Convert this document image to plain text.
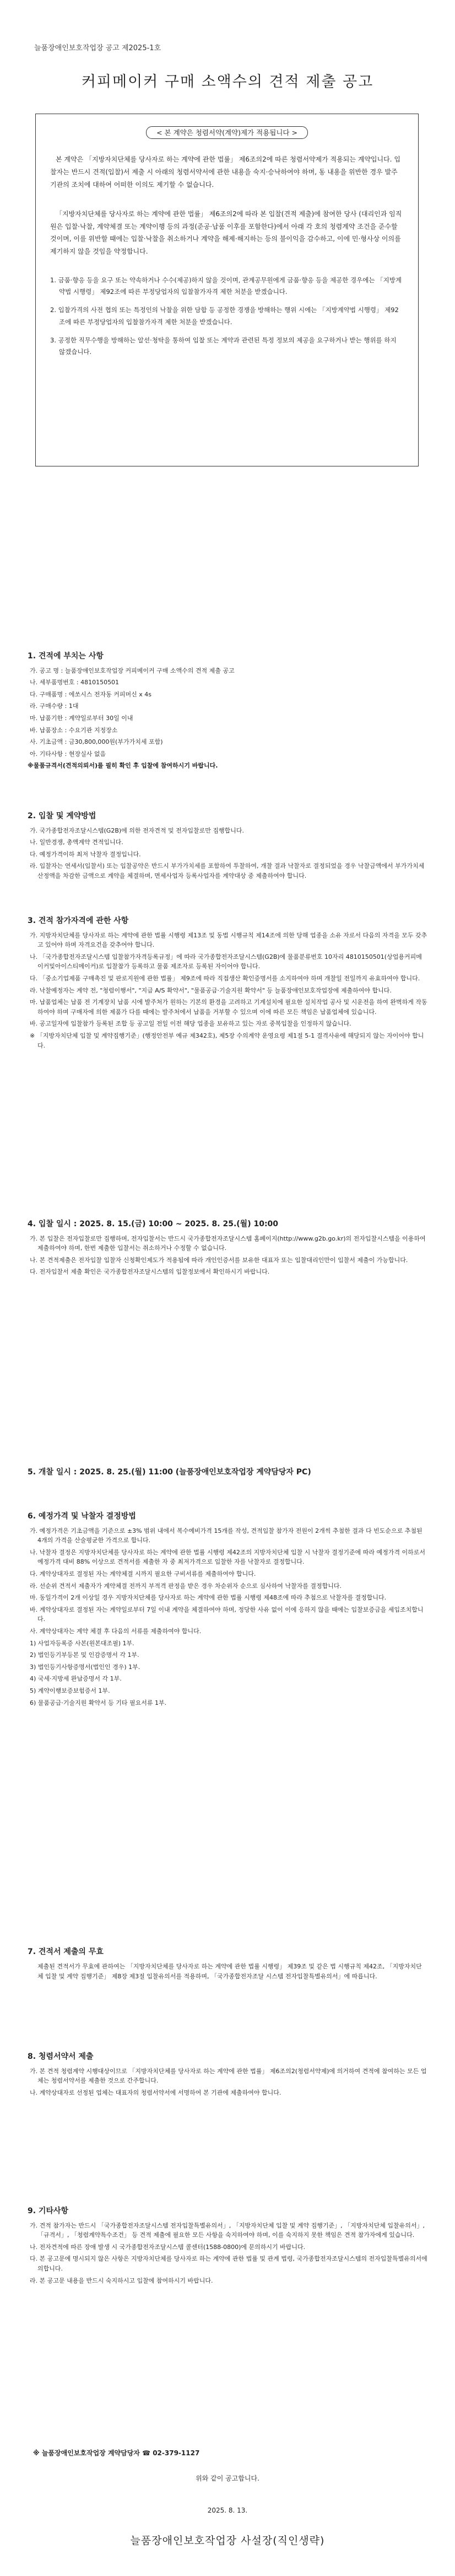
늘품장애인보호작업장 공고 제2025-1호
커피메이커 구매 소액수의 견적 제출 공고
< 본 계약은 청렴서약(계약)제가 적용됩니다 >

본 계약은 「지방자치단체를 당사자로 하는 계약에 관한 법률」 제6조의2에 따른 청렴서약제가 적용되는 계약입니다. 입찰자는 반드시 견적(입찰)서 제출 시 아래의 청렴서약서에 관한 내용을 숙지·승낙하여야 하며, 동 내용을 위반한 경우 발주기관의 조치에 대하여 어떠한 이의도 제기할 수 없습니다.

「지방자치단체를 당사자로 하는 계약에 관한 법률」 제6조의2에 따라 본 입찰(견적 제출)에 참여한 당사 (대리인과 임직원은 입찰·낙찰, 계약체결 또는 계약이행 등의 과정(준공·납품 이후를 포함한다)에서 아래 각 호의 청렴계약 조건을 준수할 것이며, 이를 위반할 때에는 입찰·낙찰을 취소하거나 계약을 해제·해지하는 등의 불이익을 감수하고, 이에 민·형사상 이의를 제기하지 않을 것임을 약정합니다.

1. 금품·향응 등을 요구 또는 약속하거나 수수(제공)하지 않을 것이며, 관계공무원에게 금품·향응 등을 제공한 경우에는 「지방계약법 시행령」 제92조에 따른 부정당업자의 입찰참가자격 제한 처분을 받겠습니다.
2. 입찰가격의 사전 협의 또는 특정인의 낙찰을 위한 담합 등 공정한 경쟁을 방해하는 행위 시에는 「지방계약법 시행령」 제92조에 따른 부정당업자의 입찰참가자격 제한 처분을 받겠습니다.
3. 공정한 직무수행을 방해하는 알선·청탁을 통하여 입찰 또는 계약과 관련된 특정 정보의 제공을 요구하거나 받는 행위를 하지 않겠습니다.
1. 견적에 부치는 사항
가. 공고 명 : 늘품장애인보호작업장 커피메이커 구매 소액수의 견적 제출 공고
나. 세부품명번호 : 4810150501
다. 구매품명 : 에쏘시스 전자동 커피머신 x 4s
라. 구매수량 : 1대
마. 납품기한 : 계약일로부터 30일 이내
바. 납품장소 : 수요기관 지정장소
사. 기초금액 : 금30,800,000원(부가가치세 포함)
아. 기타사항 : 현장실사 없음
※물품규격서(견적의뢰서)를 필히 확인 후 입찰에 참여하시기 바랍니다.
2. 입찰 및 계약방법
가. 국가종합전자조달시스템(G2B)에 의한 전자견적 및 전자입찰로만 집행합니다.
나. 일반경쟁, 총액계약 견적입니다.
다. 예정가격이하 최저 낙찰자 결정입니다.
라. 입찰자는 연세서(입찰서) 또는 입찰공약은 반드시 부가가치세를 포함하여 투찰하여, 개찰 결과 낙찰자로 결정되었을 경우 낙찰금액에서 부가가치세 산정액을 차감한 금액으로 계약을 체결하며, 면세사업자 등록사업자를 계약대상 중 제출하여야 합니다.
3. 견적 참가자격에 관한 사항
가. 지방자치단체를 당사자로 하는 계약에 관한 법률 시행령 제13조 및 동법 시행규칙 제14조에 의한 당해 업종을 소유 자로서 다음의 자격을 모두 갖추고 있어야 하며 자격요건을 갖추어야 합니다.
나. 「국가종합전자조달시스템 입찰참가자격등록규정」에 따라 국가종합전자조달시스템(G2B)에 물품분류번호 10자리 4810150501(상업용커피메이커및아이스티메이커)로 입찰참가 등록하고 물품 제조자로 등록된 자이어야 합니다.
다. 「중소기업제품 구매촉진 및 판로지원에 관한 법률」 제9조에 따라 직접생산 확인증명서를 소지하여야 하며 개찰일 전일까지 유효하여야 합니다.
라. 낙찰예정자는 계약 전, "청렴이행서", "지급 A/S 확약서", "물품공급·기술지원 확약서" 등 늘품장애인보호작업장에 제출하여야 합니다.
마. 납품업체는 납품 전 기계장치 납품 시에 발주처가 원하는 기본의 환경을 고려하고 기계설치에 필요한 설치작업 공사 및 시운전을 하여 완벽하게 작동하여야 하며 구매자에 의한 제품가 다를 때에는 발주처에서 납품을 거부할 수 있으며 이에 따른 모든 책임은 납품업체에 있습니다.
바. 공고일자에 입찰참가 등록된 조합 등 공고일 전일 이전 해당 업종을 보유하고 있는 자로 중복입찰을 인정하지 않습니다.
※ 「지방자치단체 입찰 및 계약집행기준」(행정안전부 예규 제342호), 제5장 수의계약 운영요령 제1절 5-1 결격사유에 해당되지 않는 자이어야 합니다.
4. 입찰 일시 : 2025. 8. 15.(금) 10:00 ~ 2025. 8. 25.(월) 10:00
가. 본 입찰은 전자입찰로만 집행하며, 전자입찰서는 반드시 국가종합전자조달시스템 홈페이지(http://www.g2b.go.kr)의 전자입찰시스템을 이용하여 제출하여야 하며, 한번 제출한 입찰서는 취소하거나 수정할 수 없습니다.
나. 본 견적제출은 전자입찰 입찰자 신청확인제도가 적용됨에 따라 개인인증서를 보유한 대표자 또는 입찰대리인만이 입찰서 제출이 가능합니다.
다. 전자입찰서 제출 확인은 국가종합전자조달시스템의 입찰정보에서 확인하시기 바랍니다.
5. 개찰 일시 : 2025. 8. 25.(월) 11:00 (늘품장애인보호작업장 계약담당자 PC)
6. 예정가격 및 낙찰자 결정방법
가. 예정가격은 기초금액을 기준으로 ±3% 범위 내에서 복수예비가격 15개를 작성, 견적입찰 참가자 전원이 2개씩 추첨한 결과 다 빈도순으로 추첨된 4개의 가격을 산술평균한 가격으로 합니다.
나. 낙찰자 결정은 지방자치단체를 당사자로 하는 계약에 관한 법률 시행령 제42조의 지방자치단체 입찰 시 낙찰자 결정기준에 따라 예정가격 이하로서 예정가격 대비 88% 이상으로 견적서를 제출한 자 중 최저가격으로 입찰한 자를 낙찰자로 결정합니다.
다. 계약상대자로 결정된 자는 계약체결 시까지 필요한 구비서류를 제출하여야 합니다.
라. 선순위 견적서 제출자가 계약체결 전까지 부적격 판정을 받은 경우 차순위자 순으로 심사하여 낙찰자를 결정합니다.
마. 동일가격이 2개 이상일 경우 지방자치단체를 당사자로 하는 계약에 관한 법률 시행령 제48조에 따라 추첨으로 낙찰자를 결정합니다.
바. 계약상대자로 결정된 자는 계약일로부터 7일 이내 계약을 체결하여야 하며, 정당한 사유 없이 이에 응하지 않을 때에는 입찰보증금을 세입조치합니다.
사. 계약상대자는 계약 체결 후 다음의 서류를 제출하여야 합니다.
1) 사업자등록증 사본(원본대조필) 1부.
2) 법인등기부등본 및 인감증명서 각 1부.
3) 법인등기사항증명서(법인인 경우) 1부.
4) 국세·지방세 완납증명서 각 1부.
5) 계약이행보증보험증서 1부.
6) 물품공급·기술지원 확약서 등 기타 필요서류 1부.
7. 견적서 제출의 무효

제출된 견적서가 무효에 관하여는 「지방자치단체를 당사자로 하는 계약에 관한 법률 시행령」 제39조 및 같은 법 시행규칙 제42조, 「지방자치단체 입찰 및 계약 집행기준」 제8장 제3절 입찰유의서를 적용하며, 「국가종합전자조달 시스템 전자입찰특별유의서」에 따릅니다.

8. 청렴서약서 제출
가. 본 견적 청렴계약 시행대상이므로 「지방자치단체를 당사자로 하는 계약에 관한 법률」 제6조의2(청렴서약제)에 의거하여 견적에 참여하는 모든 업체는 청렴서약서를 제출한 것으로 간주합니다.
나. 계약상대자로 선정된 업체는 대표자의 청렴서약서에 서명하여 본 기관에 제출하여야 합니다.
9. 기타사항
가. 견적 참가자는 반드시 「국가종합전자조달시스템 전자입찰특별유의서」, 「지방자치단체 입찰 및 계약 집행기준」, 「지방자치단체 입찰유의서」, 「규격서」, 「청렴계약특수조건」 등 견적 제출에 필요한 모든 사항을 숙지하여야 하며, 이를 숙지하지 못한 책임은 견적 참가자에게 있습니다.
나. 전자견적에 따른 장애 발생 시 국가종합전자조달시스템 콜센터(1588-0800)에 문의하시기 바랍니다.
다. 본 공고문에 명시되지 않은 사항은 지방자치단체를 당사자로 하는 계약에 관한 법률 및 관계 법령, 국가종합전자조달시스템의 전자입찰특별유의서에 의합니다.
라. 본 공고문 내용을 반드시 숙지하시고 입찰에 참여하시기 바랍니다.
※ 늘품장애인보호작업장 계약담당자 ☎ 02-379-1127
위와 같이 공고합니다.
2025. 8. 13.
늘품장애인보호작업장 사설장(직인생략)
